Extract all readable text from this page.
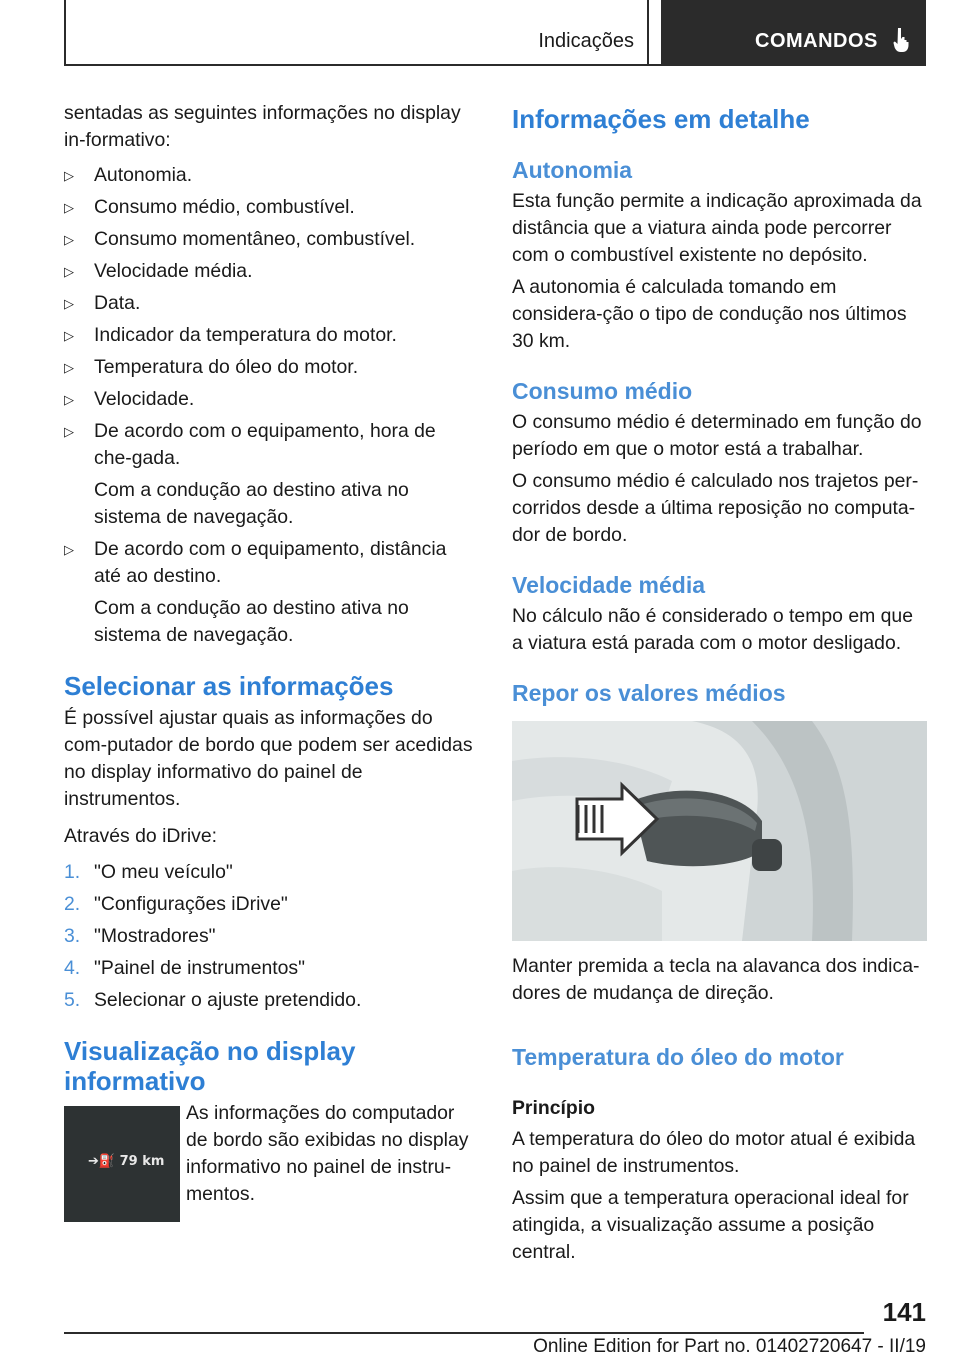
Indicações	COMANDOS

sentadas as seguintes informações no display in-formativo:

▷ Autonomia.
▷ Consumo médio, combustível.
▷ Consumo momentâneo, combustível.
▷ Velocidade média.
▷ Data.
▷ Indicador da temperatura do motor.
▷ Temperatura do óleo do motor.
▷ Velocidade.
▷ De acordo com o equipamento, hora de che-gada.
Com a condução ao destino ativa no sistema de navegação.
▷ De acordo com o equipamento, distância até ao destino.
Com a condução ao destino ativa no sistema de navegação.
Selecionar as informações

É possível ajustar quais as informações do com-putador de bordo que podem ser acedidas no display informativo do painel de instrumentos.

Através do iDrive:

1. "O meu veículo"
2. "Configurações iDrive"
3. "Mostradores"
4. "Painel de instrumentos"
5. Selecionar o ajuste pretendido.
Visualização no display informativo
➔⛽ 79 km

As informações do computador de bordo são exibidas no display informativo no painel de instru-mentos.

Informações em detalhe
Autonomia

Esta função permite a indicação aproximada da distância que a viatura ainda pode percorrer com o combustível existente no depósito.

A autonomia é calculada tomando em considera-ção o tipo de condução nos últimos 30 km.

Consumo médio

O consumo médio é determinado em função do período em que o motor está a trabalhar.

O consumo médio é calculado nos trajetos per-corridos desde a última reposição no computa-dor de bordo.

Velocidade média

No cálculo não é considerado o tempo em que a viatura está parada com o motor desligado.

Repor os valores médios

Manter premida a tecla na alavanca dos indica-dores de mudança de direção.

Temperatura do óleo do motor
Princípio

A temperatura do óleo do motor atual é exibida no painel de instrumentos.

Assim que a temperatura operacional ideal for atingida, a visualização assume a posição central.

141
Online Edition for Part no. 01402720647 - II/19
